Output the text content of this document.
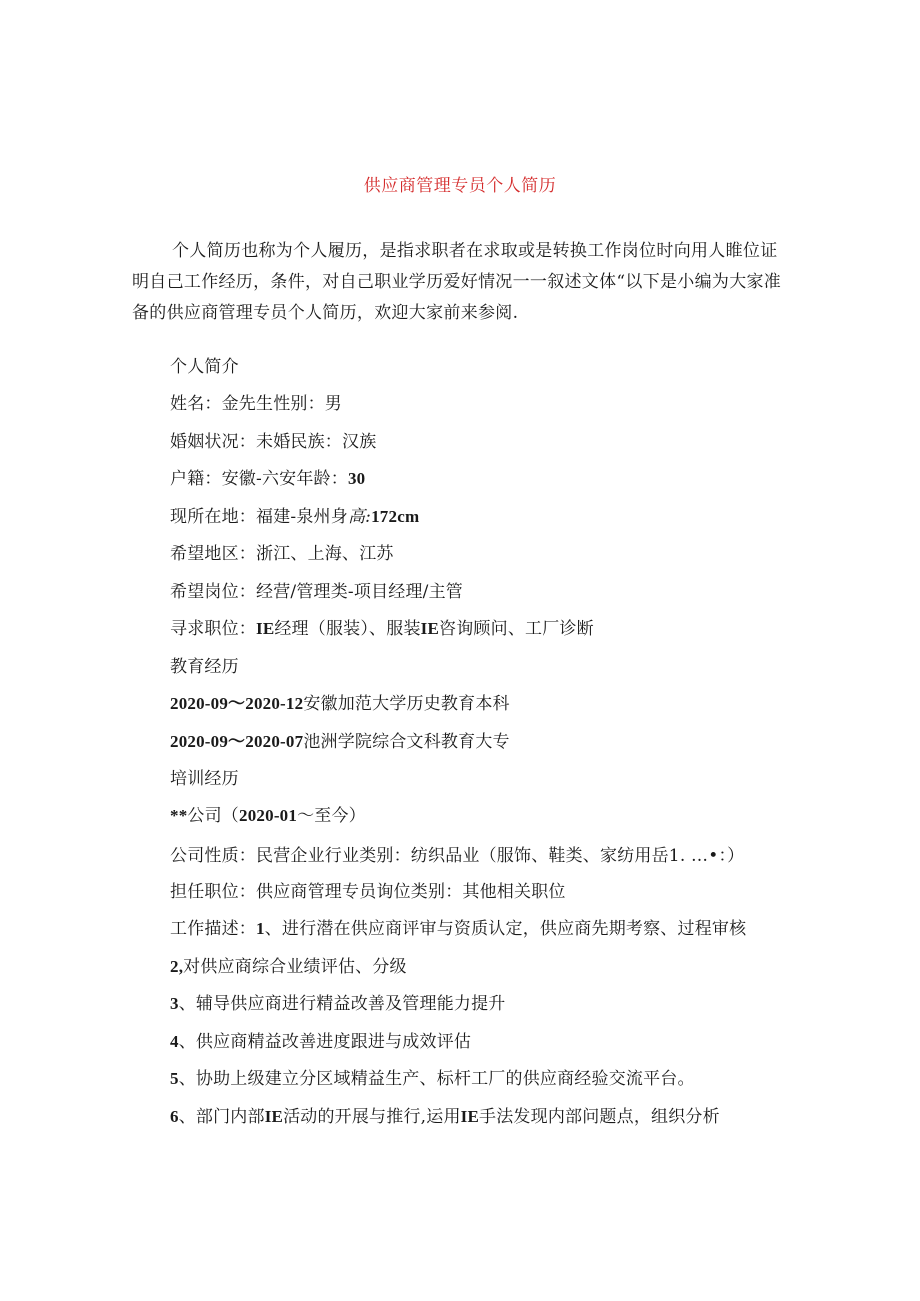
供应商管理专员个人简历
个人简历也称为个人履历，是指求职者在求取或是转换工作岗位时向用人睢位证明自己工作经历，条件，对自己职业学历爱好情况一一叙述文体“以下是小编为大家准备的供应商管理专员个人简历，欢迎大家前来参阅.
个人简介
姓名：金先生性别：男
婚姻状况：未婚民族：汉族
户籍：安徽-六安年龄：30
现所在地：福建-泉州身高:172cm
希望地区：浙江、上海、江苏
希望岗位：经营/管理类-项目经理/主管
寻求职位：IE经理（服装）、服装IE咨询顾问、工厂诊断
教育经历
2020-09～2020-12安徽加范大学历史教育本科
2020-09～2020-07池洲学院综合文科教育大专
培训经历
**公司（2020-01～至今）
公司性质：民营企业行业类别：纺织品业（服饰、鞋类、家纺用岳1. …•：）
担任职位：供应商管理专员询位类别：其他相关职位
工作描述：1、进行潜在供应商评审与资质认定，供应商先期考察、过程审核
2,对供应商综合业绩评估、分级
3、辅导供应商进行精益改善及管理能力提升
4、供应商精益改善进度跟进与成效评估
5、协助上级建立分区域精益生产、标杆工厂的供应商经验交流平台。
6、部门内部IE活动的开展与推行,运用IE手法发现内部问题点，组织分析
